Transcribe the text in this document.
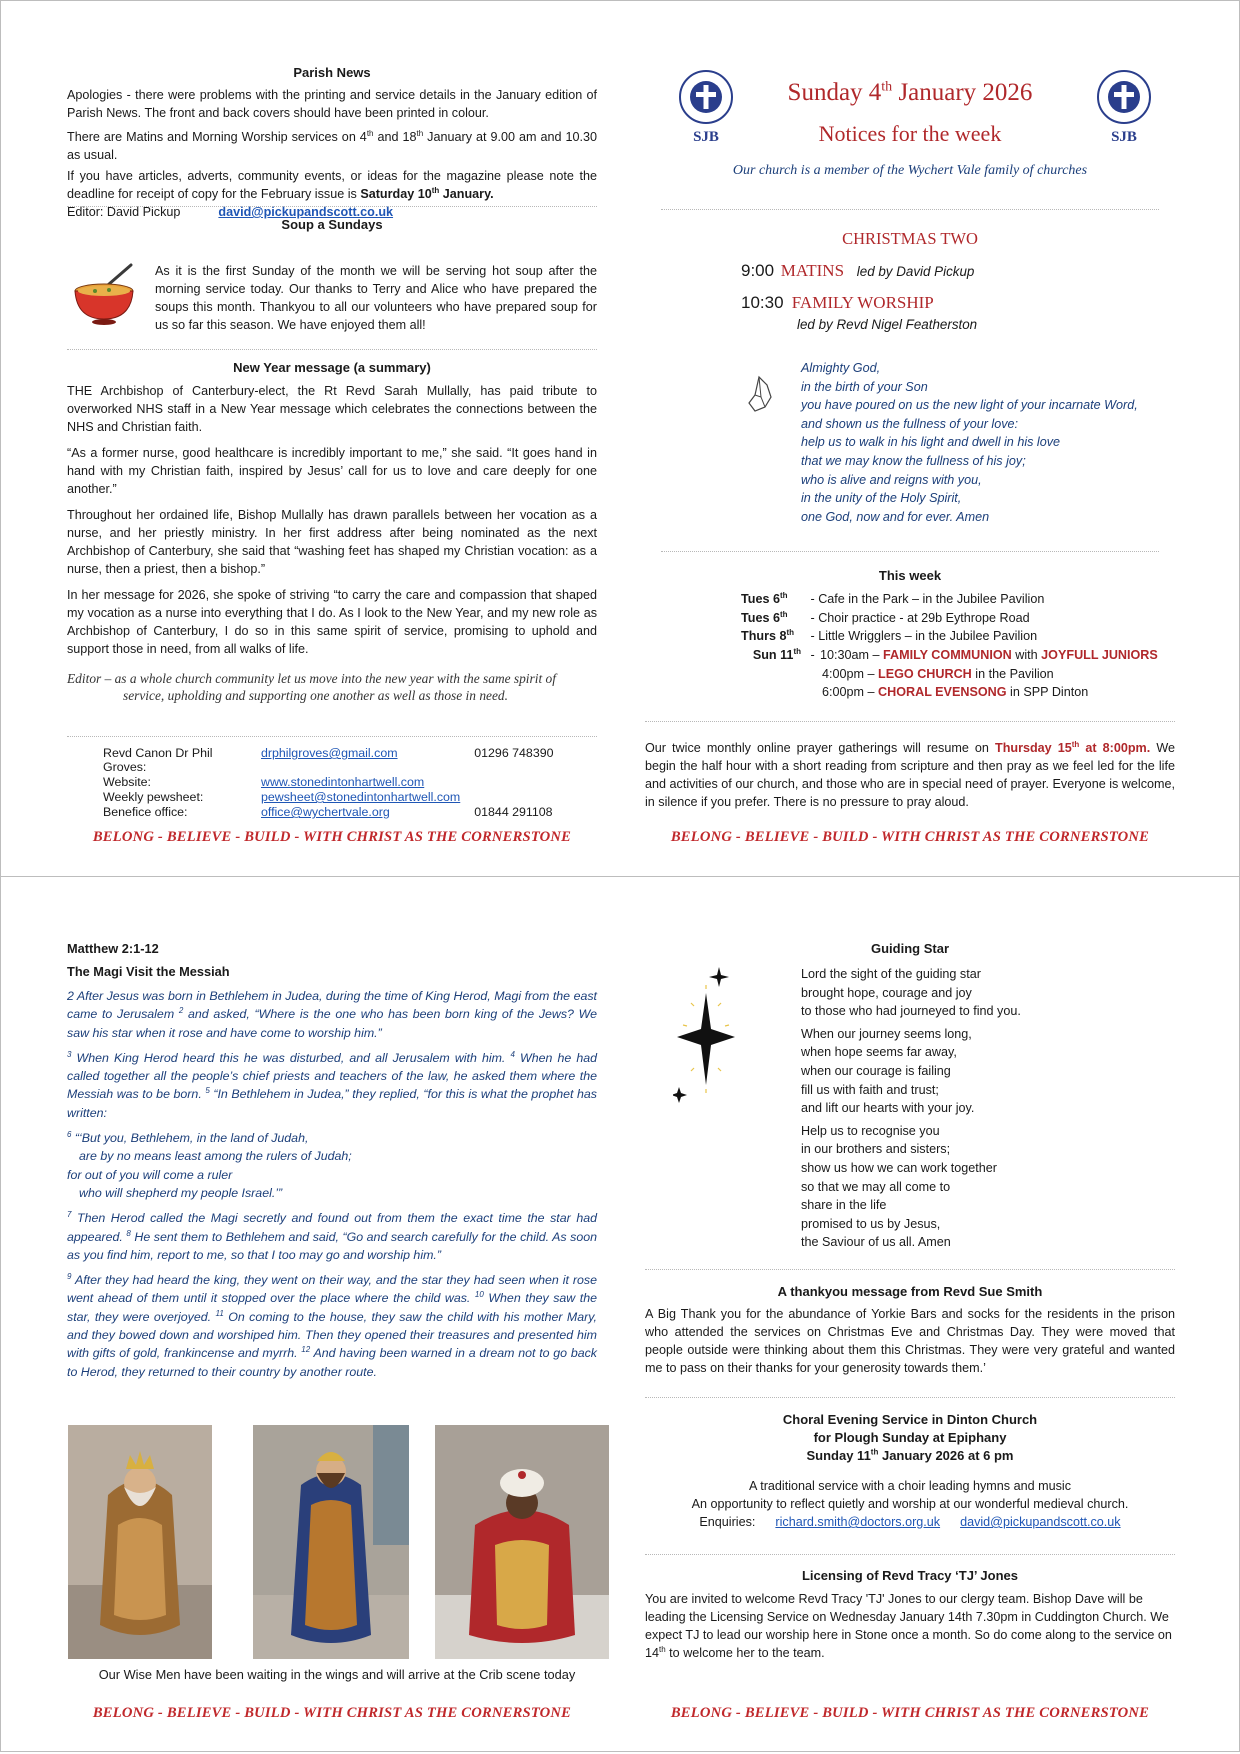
Parish News

Apologies - there were problems with the printing and service details in the January edition of Parish News. The front and back covers should have been printed in colour.

There are Matins and Morning Worship services on 4th and 18th January at 9.00 am and 10.30 as usual.

If you have articles, adverts, community events, or ideas for the magazine please note the deadline for receipt of copy for the February issue is Saturday 10th January.

Editor: David Pickup	david@pickupandscott.co.uk

Soup a Sundays
As it is the first Sunday of the month we will be serving hot soup after the morning service today. Our thanks to Terry and Alice who have prepared the soups this month. Thankyou to all our volunteers who have prepared soup for us so far this season. We have enjoyed them all!
New Year message (a summary)

THE Archbishop of Canterbury-elect, the Rt Revd Sarah Mullally, has paid tribute to overworked NHS staff in a New Year message which celebrates the connections between the NHS and Christian faith.

“As a former nurse, good healthcare is incredibly important to me,” she said. “It goes hand in hand with my Christian faith, inspired by Jesus’ call for us to love and care deeply for one another.”

Throughout her ordained life, Bishop Mullally has drawn parallels between her vocation as a nurse, and her priestly ministry. In her first address after being nominated as the next Archbishop of Canterbury, she said that “washing feet has shaped my Christian vocation: as a nurse, then a priest, then a bishop.”

In her message for 2026, she spoke of striving “to carry the care and compassion that shaped my vocation as a nurse into everything that I do. As I look to the New Year, and my new role as Archbishop of Canterbury, I do so in this same spirit of service, promising to uphold and support those in need, from all walks of life.

Editor – as a whole church community let us move into the new year with the same spirit of service, upholding and supporting one another as well as those in need.
Revd Canon Dr Phil Groves:	drphilgroves@gmail.com	01296 748390
Website:	www.stonedintonhartwell.com	
Weekly pewsheet:	pewsheet@stonedintonhartwell.com	
Benefice office:	office@wychertvale.org	01844 291108
BELONG - BELIEVE - BUILD - WITH CHRIST AS THE CORNERSTONE
SJB	SJB
Sunday 4th January 2026
Notices for the week
Our church is a member of the Wychert Vale family of churches
CHRISTMAS TWO
9:00 MATINS led by David Pickup
10:30 FAMILY WORSHIP
led by Revd Nigel Featherston
Almighty God,
in the birth of your Son
you have poured on us the new light of your incarnate Word,
and shown us the fullness of your love:
help us to walk in his light and dwell in his love
that we may know the fullness of his joy;
who is alive and reigns with you,
in the unity of the Holy Spirit,
one God, now and for ever. Amen
This week
Tues 6th - Cafe in the Park – in the Jubilee Pavilion
Tues 6th - Choir practice - at 29b Eythrope Road
Thurs 8th - Little Wrigglers – in the Jubilee Pavilion
Sun 11th - 10:30am – FAMILY COMMUNION with JOYFULL JUNIORS
4:00pm – LEGO CHURCH in the Pavilion
6:00pm – CHORAL EVENSONG in SPP Dinton
Our twice monthly online prayer gatherings will resume on Thursday 15th at 8:00pm. We begin the half hour with a short reading from scripture and then pray as we feel led for the life and activities of our church, and those who are in special need of prayer. Everyone is welcome, in silence if you prefer. There is no pressure to pray aloud.
BELONG - BELIEVE - BUILD - WITH CHRIST AS THE CORNERSTONE
Matthew 2:1-12
The Magi Visit the Messiah

2 After Jesus was born in Bethlehem in Judea, during the time of King Herod, Magi from the east came to Jerusalem $^2$ and asked, “Where is the one who has been born king of the Jews? We saw his star when it rose and have come to worship him.”

$^3$ When King Herod heard this he was disturbed, and all Jerusalem with him. $^4$ When he had called together all the people’s chief priests and teachers of the law, he asked them where the Messiah was to be born. $^5$ “In Bethlehem in Judea,” they replied, “for this is what the prophet has written:

$^6$ “‘But you, Bethlehem, in the land of Judah,
are by no means least among the rulers of Judah;
for out of you will come a ruler
who will shepherd my people Israel.’”

$^7$ Then Herod called the Magi secretly and found out from them the exact time the star had appeared. $^8$ He sent them to Bethlehem and said, “Go and search carefully for the child. As soon as you find him, report to me, so that I too may go and worship him.”

$^9$ After they had heard the king, they went on their way, and the star they had seen when it rose went ahead of them until it stopped over the place where the child was. $^{10}$ When they saw the star, they were overjoyed. $^{11}$ On coming to the house, they saw the child with his mother Mary, and they bowed down and worshiped him. Then they opened their treasures and presented him with gifts of gold, frankincense and myrrh. $^{12}$ And having been warned in a dream not to go back to Herod, they returned to their country by another route.

Our Wise Men have been waiting in the wings and will arrive at the Crib scene today
BELONG - BELIEVE - BUILD - WITH CHRIST AS THE CORNERSTONE
Guiding Star
Lord the sight of the guiding star
brought hope, courage and joy
to those who had journeyed to find you.
When our journey seems long,
when hope seems far away,
when our courage is failing
fill us with faith and trust;
and lift our hearts with your joy.
Help us to recognise you
in our brothers and sisters;
show us how we can work together
so that we may all come to
share in the life
promised to us by Jesus,
the Saviour of us all. Amen
A thankyou message from Revd Sue Smith
A Big Thank you for the abundance of Yorkie Bars and socks for the residents in the prison who attended the services on Christmas Eve and Christmas Day. They were moved that people outside were thinking about them this Christmas. They were very grateful and wanted me to pass on their thanks for your generosity towards them.’
Choral Evening Service in Dinton Church
for Plough Sunday at Epiphany
Sunday 11th January 2026 at 6 pm
A traditional service with a choir leading hymns and music
An opportunity to reflect quietly and worship at our wonderful medieval church.
Enquiries: richard.smith@doctors.org.uk david@pickupandscott.co.uk
Licensing of Revd Tracy ‘TJ’ Jones
You are invited to welcome Revd Tracy 'TJ' Jones to our clergy team. Bishop Dave will be leading the Licensing Service on Wednesday January 14th 7.30pm in Cuddington Church. We expect TJ to lead our worship here in Stone once a month. So do come along to the service on 14th to welcome her to the team.
BELONG - BELIEVE - BUILD - WITH CHRIST AS THE CORNERSTONE
